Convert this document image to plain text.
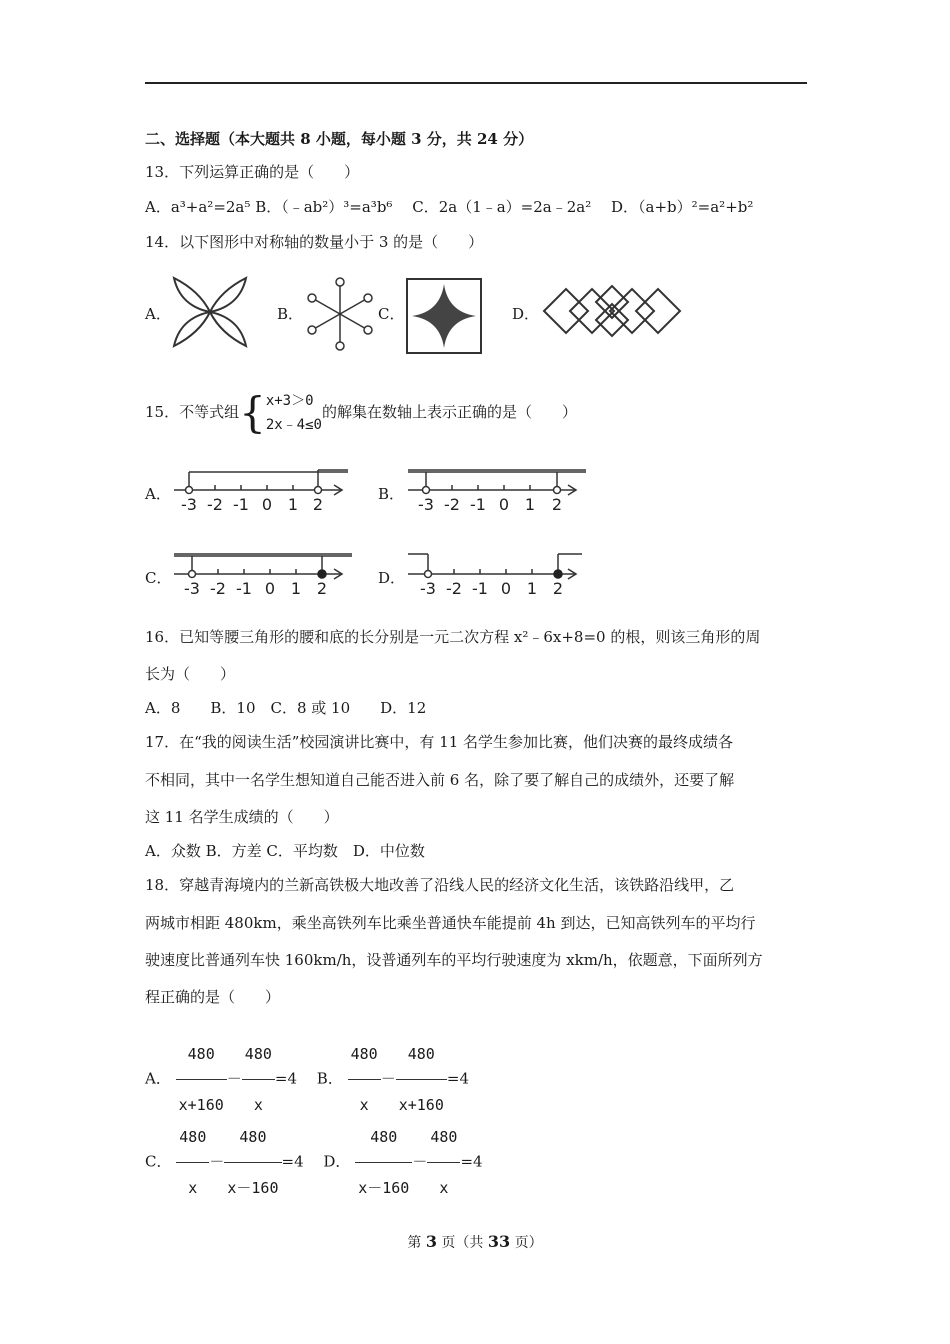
二、选择题（本大题共 8 小题，每小题 3 分，共 24 分）
13．下列运算正确的是（　　）
A．a³+a²=2a⁵ B．（﹣ab²）³=a³b⁶ 　 C．2a（1﹣a）=2a﹣2a² 　 D．（a+b）²=a²+b²
14．以下图形中对称轴的数量小于 3 的是（　　）
A．	B．	C．	D．
15．不等式组{ x+3＞0
2x﹣4≤0
的解集在数轴上表示正确的是（　　）
A．
-3 -2 -1 0 1 2
B．
-3 -2 -1 0 1 2
C．
-3 -2 -1 0 1 2
D．
-3 -2 -1 0 1 2
16．已知等腰三角形的腰和底的长分别是一元二次方程 x²﹣6x+8=0 的根，则该三角形的周
长为（　　）
A．8　　B．10　C．8 或 10　　D．12
17．在“我的阅读生活”校园演讲比赛中，有 11 名学生参加比赛，他们决赛的最终成绩各
不相同，其中一名学生想知道自己能否进入前 6 名，除了要了解自己的成绩外，还要了解
这 11 名学生成绩的（　　）
A．众数 B．方差 C．平均数　D．中位数
18．穿越青海境内的兰新高铁极大地改善了沿线人民的经济文化生活，该铁路沿线甲，乙
两城市相距 480km，乘坐高铁列车比乘坐普通快车能提前 4h 到达，已知高铁列车的平均行
驶速度比普通列车快 160km/h，设普通列车的平均行驶速度为 xkm/h，依题意，下面所列方
程正确的是（　　）
A． $\frac{480}{x+160} - \frac{480}{x} =4$ 　 B． $\frac{480}{x} - \frac{480}{x+160} =4$
C． $\frac{480}{x} - \frac{480}{x-160} =4$ 　 D． $\frac{480}{x-160} - \frac{480}{x} =4$
第 3 页（共 33 页）
